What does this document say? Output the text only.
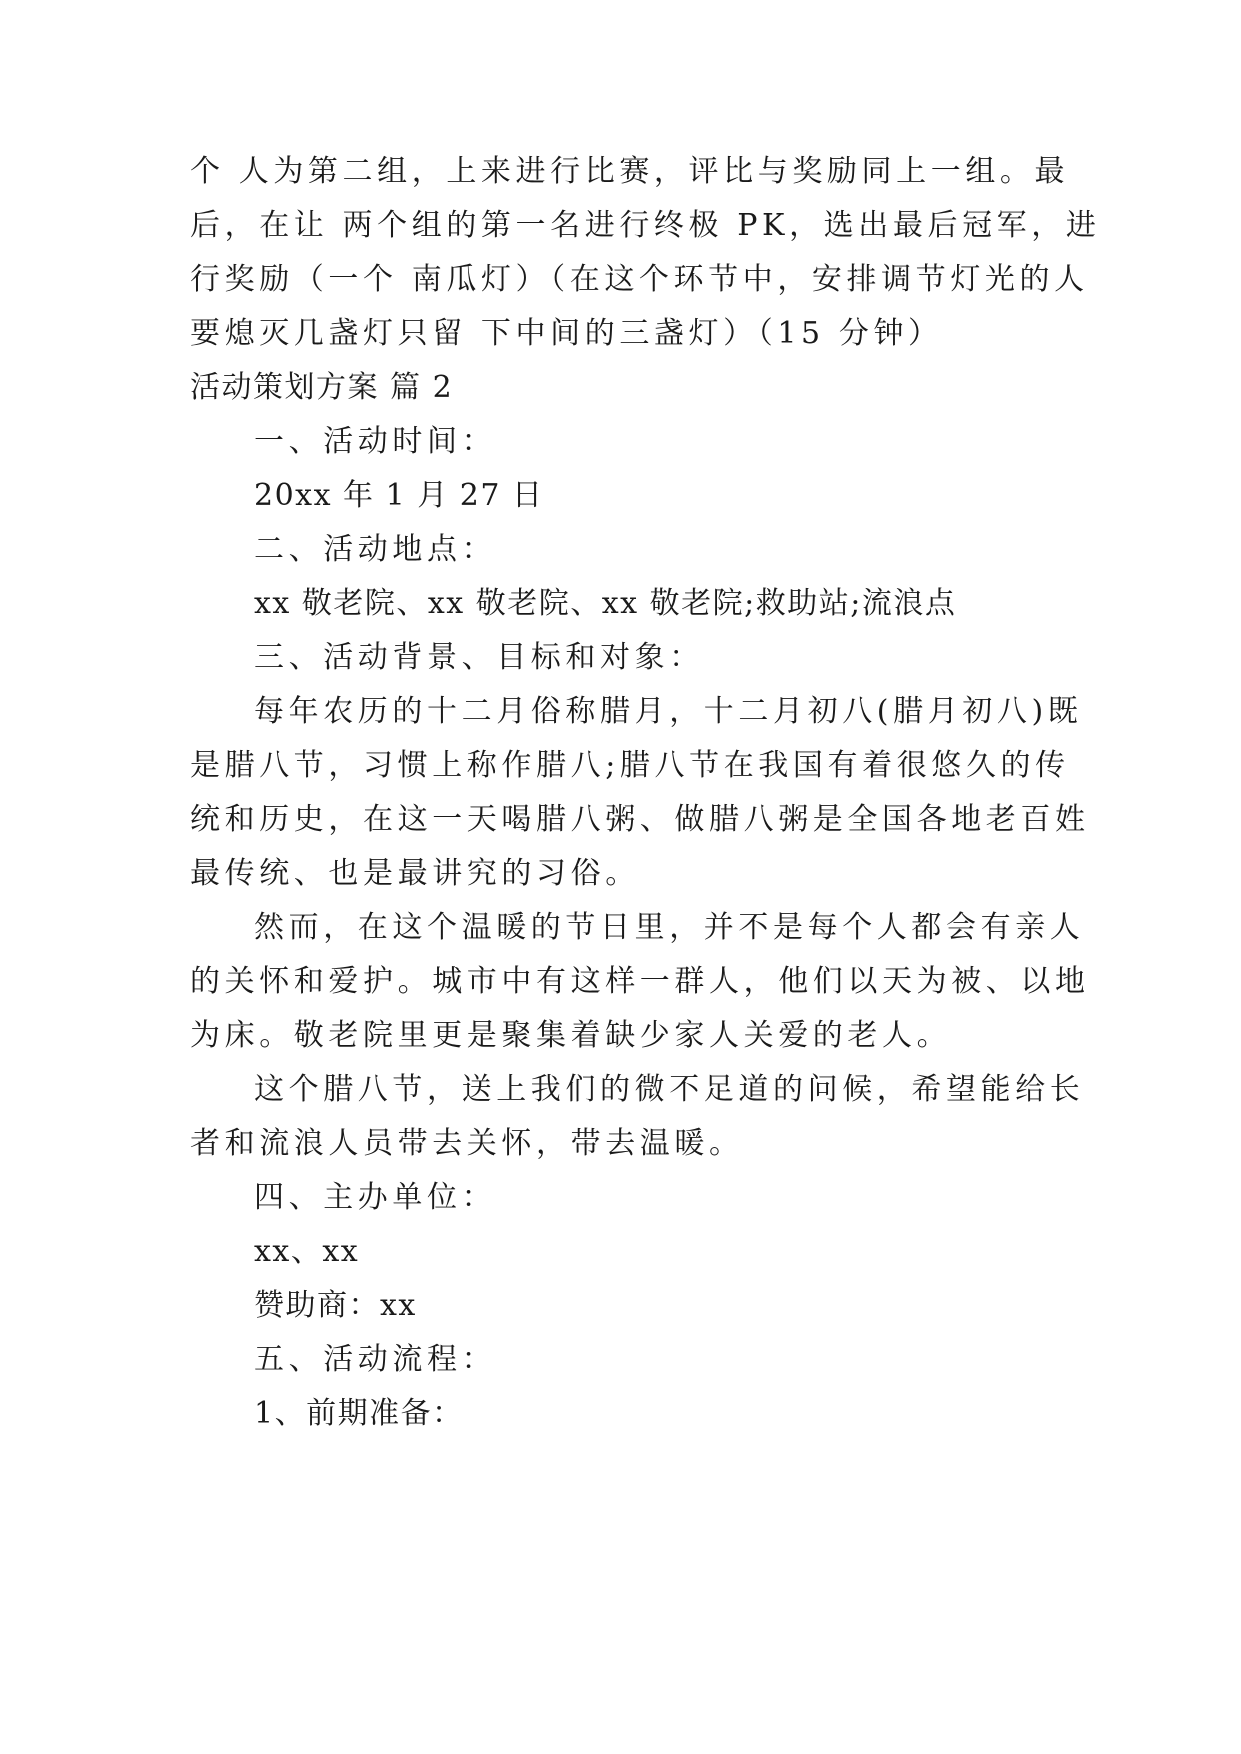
个 人为第二组，上来进行比赛，评比与奖励同上一组。最
后，在让 两个组的第一名进行终极 PK，选出最后冠军，进
行奖励（一个 南瓜灯）（在这个环节中，安排调节灯光的人
要熄灭几盏灯只留 下中间的三盏灯）（15 分钟）
活动策划方案 篇 2
一、活动时间：
20xx 年 1 月 27 日
二、活动地点：
xx 敬老院、xx 敬老院、xx 敬老院;救助站;流浪点
三、活动背景、目标和对象：
每年农历的十二月俗称腊月，十二月初八(腊月初八)既
是腊八节，习惯上称作腊八;腊八节在我国有着很悠久的传
统和历史，在这一天喝腊八粥、做腊八粥是全国各地老百姓
最传统、也是最讲究的习俗。
然而，在这个温暖的节日里，并不是每个人都会有亲人
的关怀和爱护。城市中有这样一群人，他们以天为被、以地
为床。敬老院里更是聚集着缺少家人关爱的老人。
这个腊八节，送上我们的微不足道的问候，希望能给长
者和流浪人员带去关怀，带去温暖。
四、主办单位：
xx、xx
赞助商：xx
五、活动流程：
1、前期准备：
